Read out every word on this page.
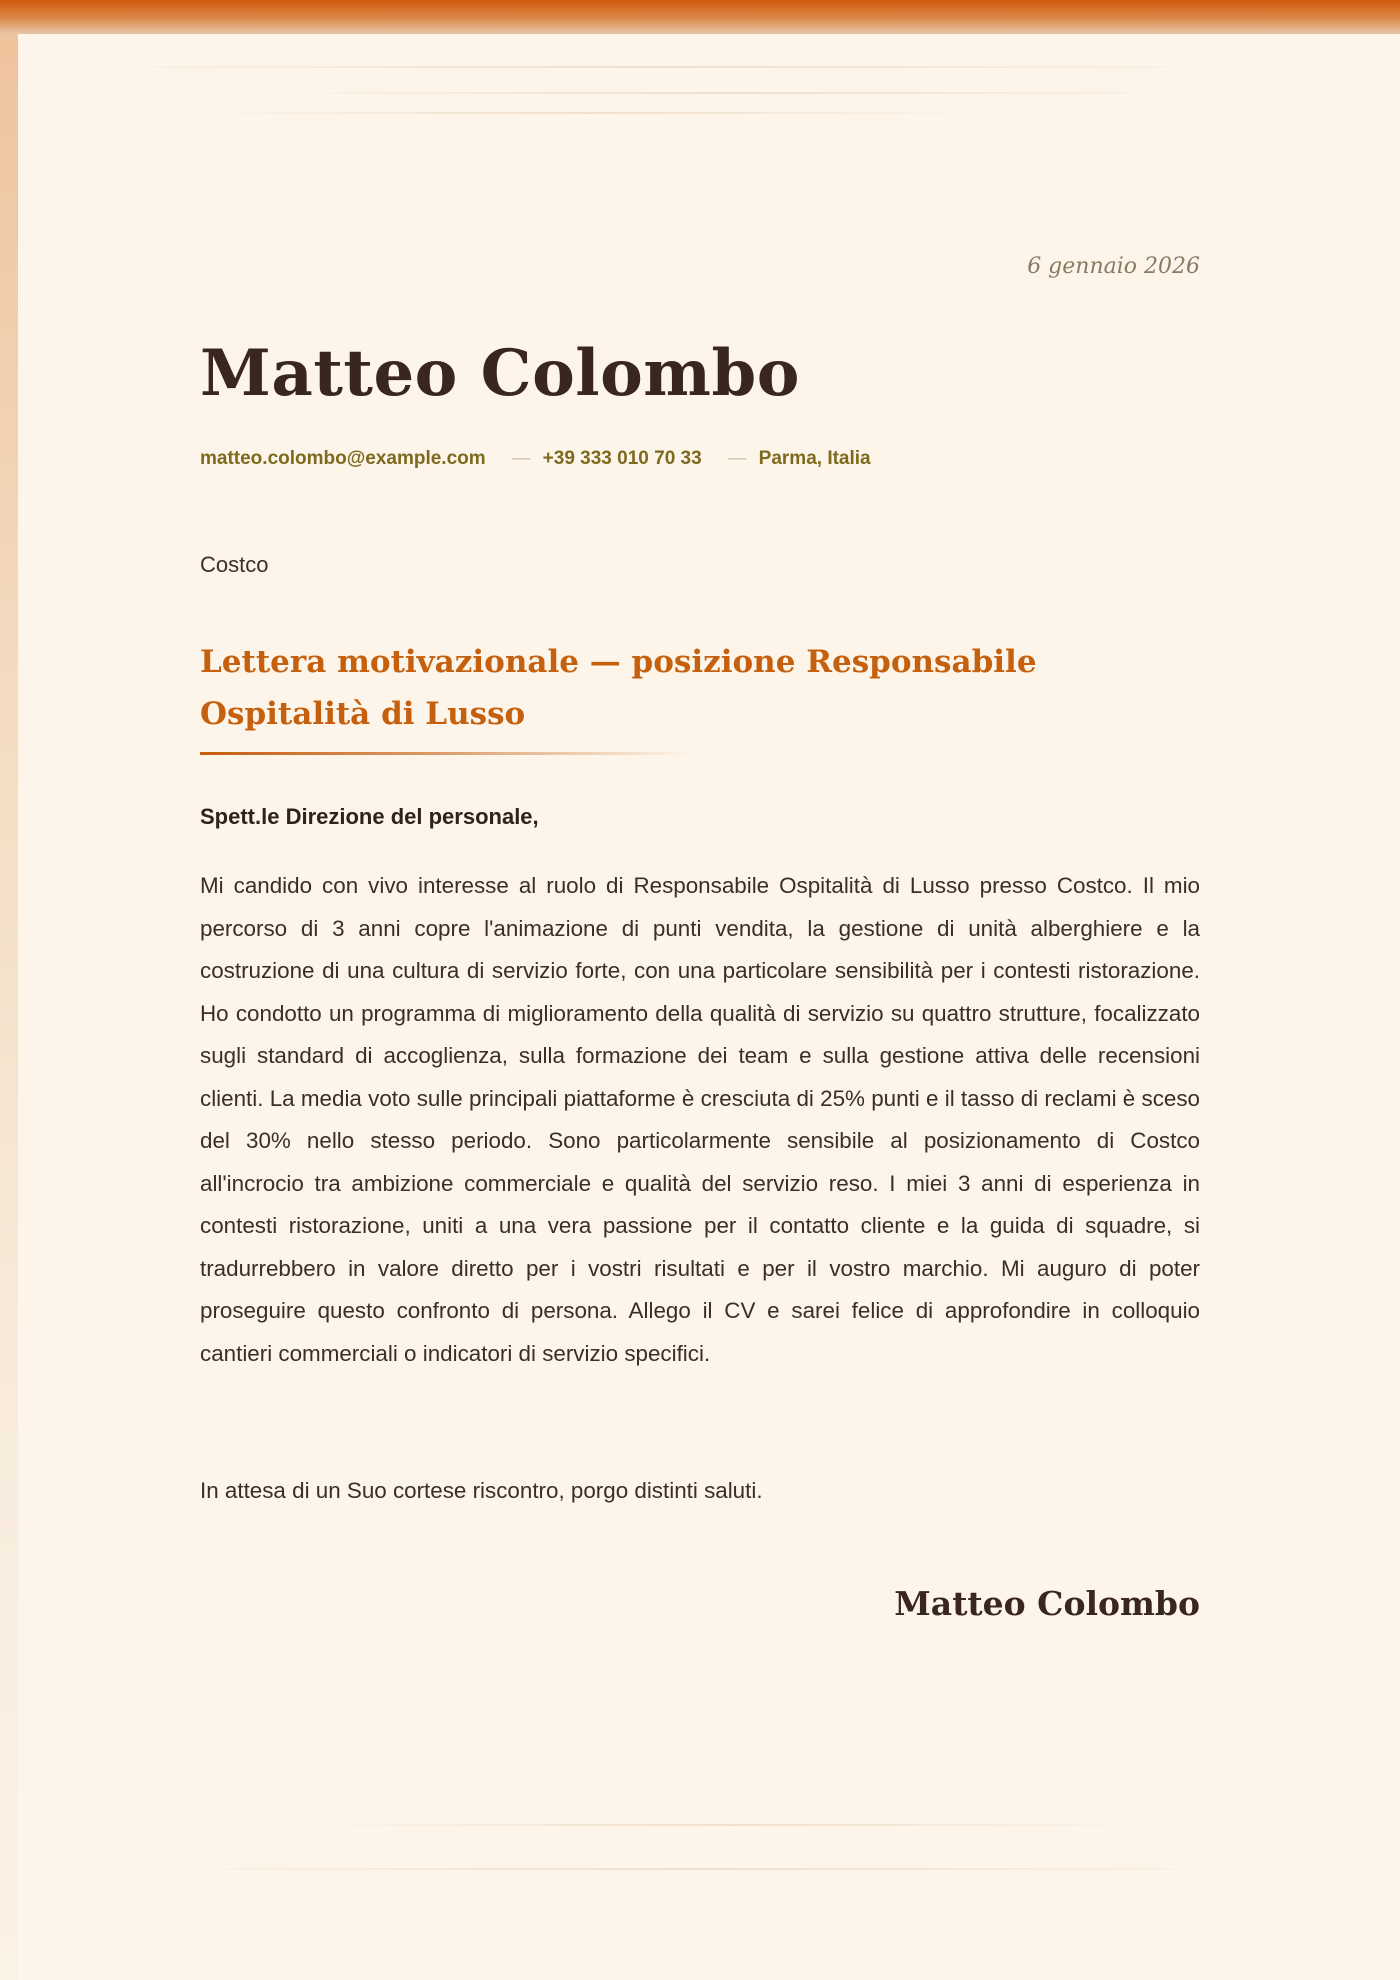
6 gennaio 2026
Matteo Colombo
matteo.colombo@example.com — +39 333 010 70 33 — Parma, Italia
Costco
Lettera motivazionale — posizione Responsabile Ospitalità di Lusso
Spett.le Direzione del personale,

Mi candido con vivo interesse al ruolo di Responsabile Ospitalità di Lusso presso Costco. Il mio percorso di 3 anni copre l'animazione di punti vendita, la gestione di unità alberghiere e la costruzione di una cultura di servizio forte, con una particolare sensibilità per i contesti ristorazione. Ho condotto un programma di miglioramento della qualità di servizio su quattro strutture, focalizzato sugli standard di accoglienza, sulla formazione dei team e sulla gestione attiva delle recensioni clienti. La media voto sulle principali piattaforme è cresciuta di 25% punti e il tasso di reclami è sceso del 30% nello stesso periodo. Sono particolarmente sensibile al posizionamento di Costco all'incrocio tra ambizione commerciale e qualità del servizio reso. I miei 3 anni di esperienza in contesti ristorazione, uniti a una vera passione per il contatto cliente e la guida di squadre, si tradurrebbero in valore diretto per i vostri risultati e per il vostro marchio. Mi auguro di poter proseguire questo confronto di persona. Allego il CV e sarei felice di approfondire in colloquio cantieri commerciali o indicatori di servizio specifici.

In attesa di un Suo cortese riscontro, porgo distinti saluti.
Matteo Colombo
